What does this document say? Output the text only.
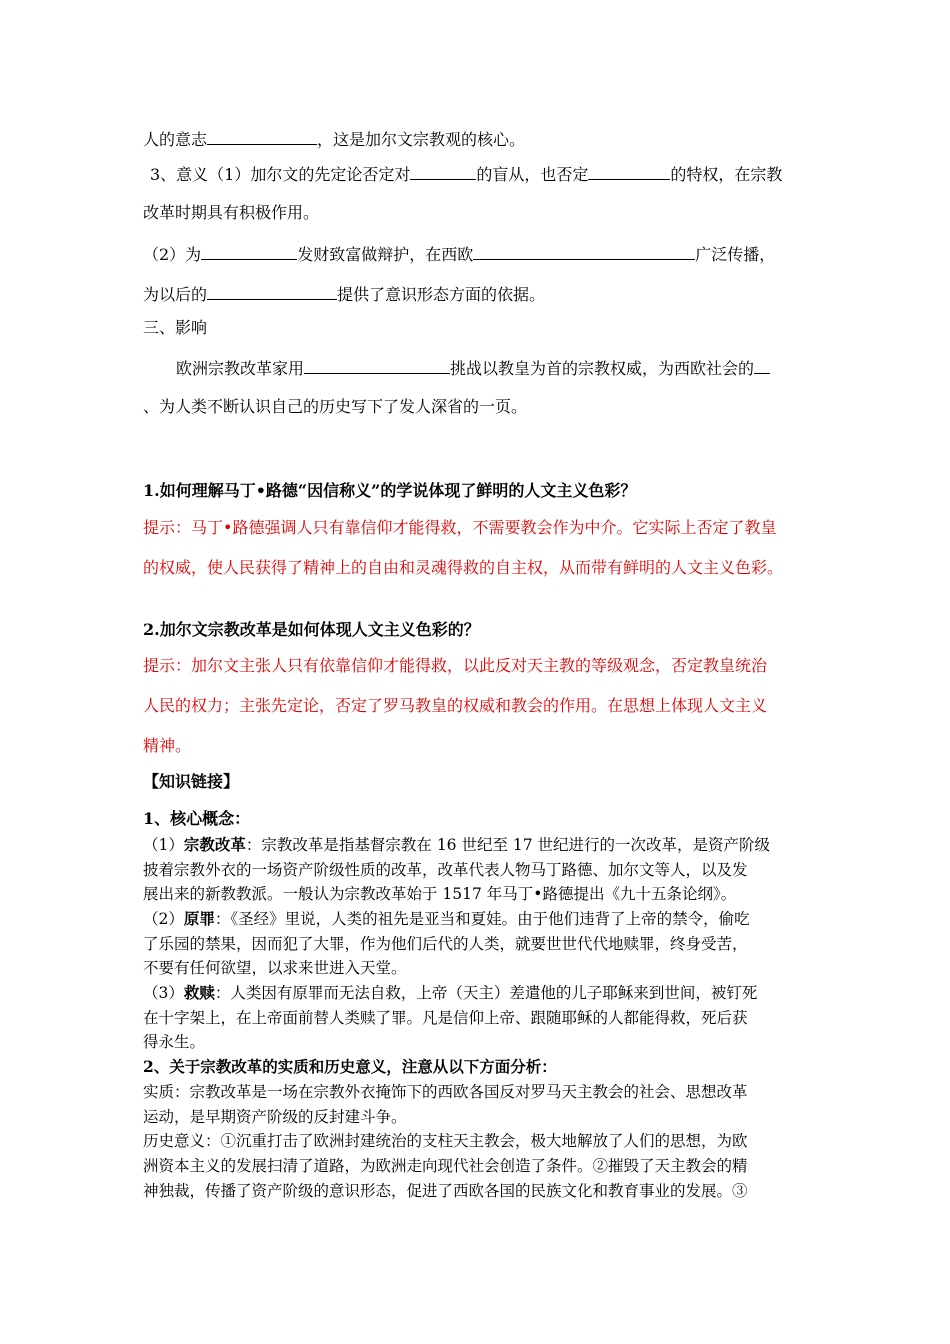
人的意志	，这是加尔文宗教观的核心。
3、意义（1）加尔文的先定论否定对	的盲从，也否定	的特权，在宗教
改革时期具有积极作用。
（2）为	发财致富做辩护，在西欧	广泛传播，
为以后的	提供了意识形态方面的依据。
三、影响
欧洲宗教改革家用	挑战以教皇为首的宗教权威，为西欧社会的
、为人类不断认识自己的历史写下了发人深省的一页。
1.如何理解马丁•路德“因信称义”的学说体现了鲜明的人文主义色彩？
提示：马丁•路德强调人只有靠信仰才能得救，不需要教会作为中介。它实际上否定了教皇
的权威，使人民获得了精神上的自由和灵魂得救的自主权，从而带有鲜明的人文主义色彩。
2.加尔文宗教改革是如何体现人文主义色彩的？
提示：加尔文主张人只有依靠信仰才能得救，以此反对天主教的等级观念，否定教皇统治
人民的权力；主张先定论，否定了罗马教皇的权威和教会的作用。在思想上体现人文主义
精神。
【知识链接】
1、核心概念：
（1）宗教改革：宗教改革是指基督宗教在 16 世纪至 17 世纪进行的一次改革，是资产阶级
披着宗教外衣的一场资产阶级性质的改革，改革代表人物马丁路德、加尔文等人，以及发
展出来的新教教派。一般认为宗教改革始于 1517 年马丁•路德提出《九十五条论纲》。
（2）原罪：《圣经》里说，人类的祖先是亚当和夏娃。由于他们违背了上帝的禁令，偷吃
了乐园的禁果，因而犯了大罪，作为他们后代的人类，就要世世代代地赎罪，终身受苦，
不要有任何欲望，以求来世进入天堂。
（3）救赎：人类因有原罪而无法自救，上帝（天主）差遣他的儿子耶稣来到世间，被钉死
在十字架上，在上帝面前替人类赎了罪。凡是信仰上帝、跟随耶稣的人都能得救，死后获
得永生。
2、关于宗教改革的实质和历史意义，注意从以下方面分析：
实质：宗教改革是一场在宗教外衣掩饰下的西欧各国反对罗马天主教会的社会、思想改革
运动，是早期资产阶级的反封建斗争。
历史意义：①沉重打击了欧洲封建统治的支柱天主教会，极大地解放了人们的思想，为欧
洲资本主义的发展扫清了道路，为欧洲走向现代社会创造了条件。②摧毁了天主教会的精
神独裁，传播了资产阶级的意识形态，促进了西欧各国的民族文化和教育事业的发展。③
